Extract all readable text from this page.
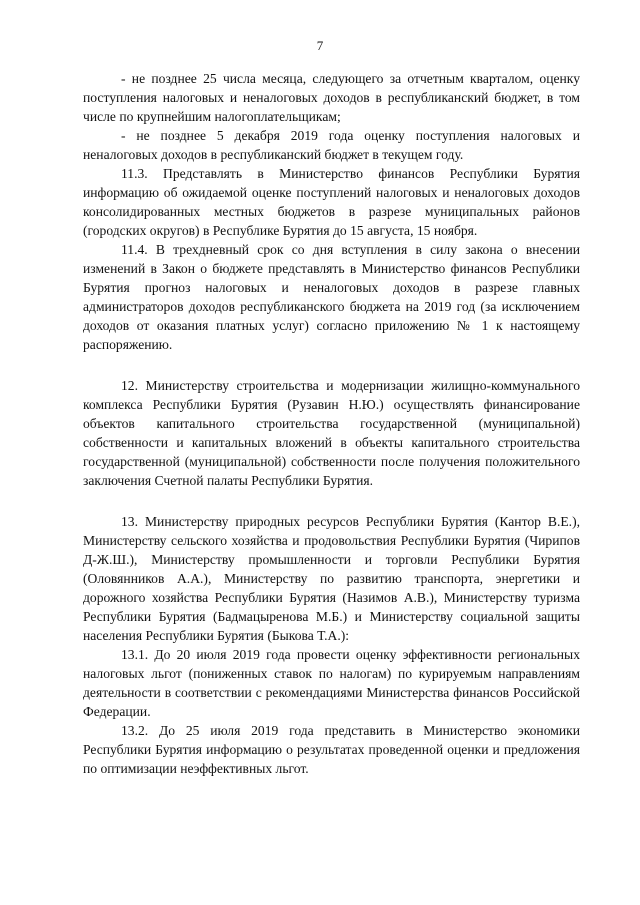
7

- не позднее 25 числа месяца, следующего за отчетным кварталом, оценку поступления налоговых и неналоговых доходов в республиканский бюджет, в том числе по крупнейшим налогоплательщикам;

- не позднее 5 декабря 2019 года оценку поступления налоговых и неналоговых доходов в республиканский бюджет в текущем году.

11.3. Представлять в Министерство финансов Республики Бурятия информацию об ожидаемой оценке поступлений налоговых и неналоговых доходов консолидированных местных бюджетов в разрезе муниципальных районов (городских округов) в Республике Бурятия до 15 августа, 15 ноября.

11.4. В трехдневный срок со дня вступления в силу закона о внесении изменений в Закон о бюджете представлять в Министерство финансов Республики Бурятия прогноз налоговых и неналоговых доходов в разрезе главных администраторов доходов республиканского бюджета на 2019 год (за исключением доходов от оказания платных услуг) согласно приложению № 1 к настоящему распоряжению.

12. Министерству строительства и модернизации жилищно-коммунального комплекса Республики Бурятия (Рузавин Н.Ю.) осуществлять финансирование объектов капитального строительства государственной (муниципальной) собственности и капитальных вложений в объекты капитального строительства государственной (муниципальной) собственности после получения положительного заключения Счетной палаты Республики Бурятия.

13. Министерству природных ресурсов Республики Бурятия (Кантор В.Е.), Министерству сельского хозяйства и продовольствия Республики Бурятия (Чирипов Д-Ж.Ш.), Министерству промышленности и торговли Республики Бурятия (Оловянников А.А.), Министерству по развитию транспорта, энергетики и дорожного хозяйства Республики Бурятия (Назимов А.В.), Министерству туризма Республики Бурятия (Бадмацыренова М.Б.) и Министерству социальной защиты населения Республики Бурятия (Быкова Т.А.):

13.1. До 20 июля 2019 года провести оценку эффективности региональных налоговых льгот (пониженных ставок по налогам) по курируемым направлениям деятельности в соответствии с рекомендациями Министерства финансов Российской Федерации.

13.2. До 25 июля 2019 года представить в Министерство экономики Республики Бурятия информацию о результатах проведенной оценки и предложения по оптимизации неэффективных льгот.
